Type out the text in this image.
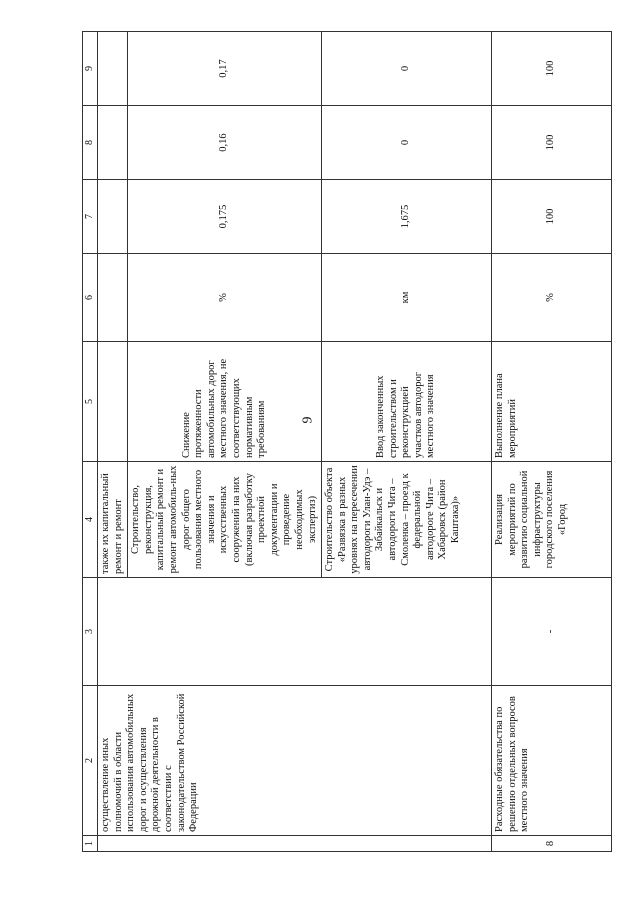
9
1	2	3	4	5	6	7	8	9
	осуществление иных полномочий в области использования автомобильных дорог и осуществления дорожной деятельности в соответствии с законодательством Российской Федерации		также их капитальный ремонт и ремонт					
			Строительство, реконструкция, капитальный ремонт и ремонт автомобиль-ных дорог общего пользования местного значения и искусственных сооружений на них (включая разработку проектной документации и проведение необходимых экспертиз)	Снижение протяженности автомобильных дорог местного значения, не соответствующих нормативным требованиям	%	0,175	0,16	0,17
			Строительство объекта «Развязка в разных уровнях на пересечении автодороги Улан-Удэ – Забайкальск и автодороги Чита – Смоленка – проезд к федеральной автодороге Чита – Хабаровск (район Каштака)»	Ввод законченных строительством и реконструкцией участков автодорог местного значения	км	1,675	0	0
8	Расходные обязательства по решению отдельных вопросов местного значения	-	Реализация мероприятий по развитию социальной инфраструктуры городского поселения «Город	Выполнение плана мероприятий	%	100	100	100
